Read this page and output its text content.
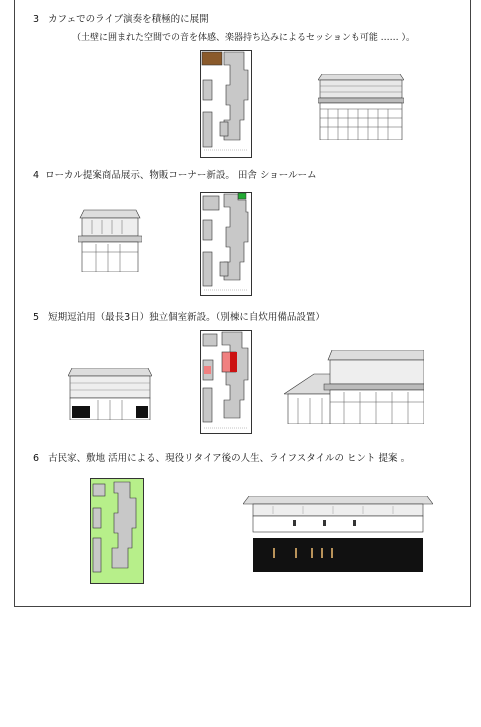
3 カフェでのライブ演奏を積極的に展開
（土壁に囲まれた空間での音を体感、楽器持ち込みによるセッションも可能 …… ）。
4 ローカル提案商品展示、物販コーナー新設。 田舎 ショールーム
5 短期逗泊用（最長3日）独立個室新設。（別棟に自炊用備品設置）
6 古民家、敷地 活用による、現役リタイア後の人生、ライフスタイルの ヒント 提案 。
